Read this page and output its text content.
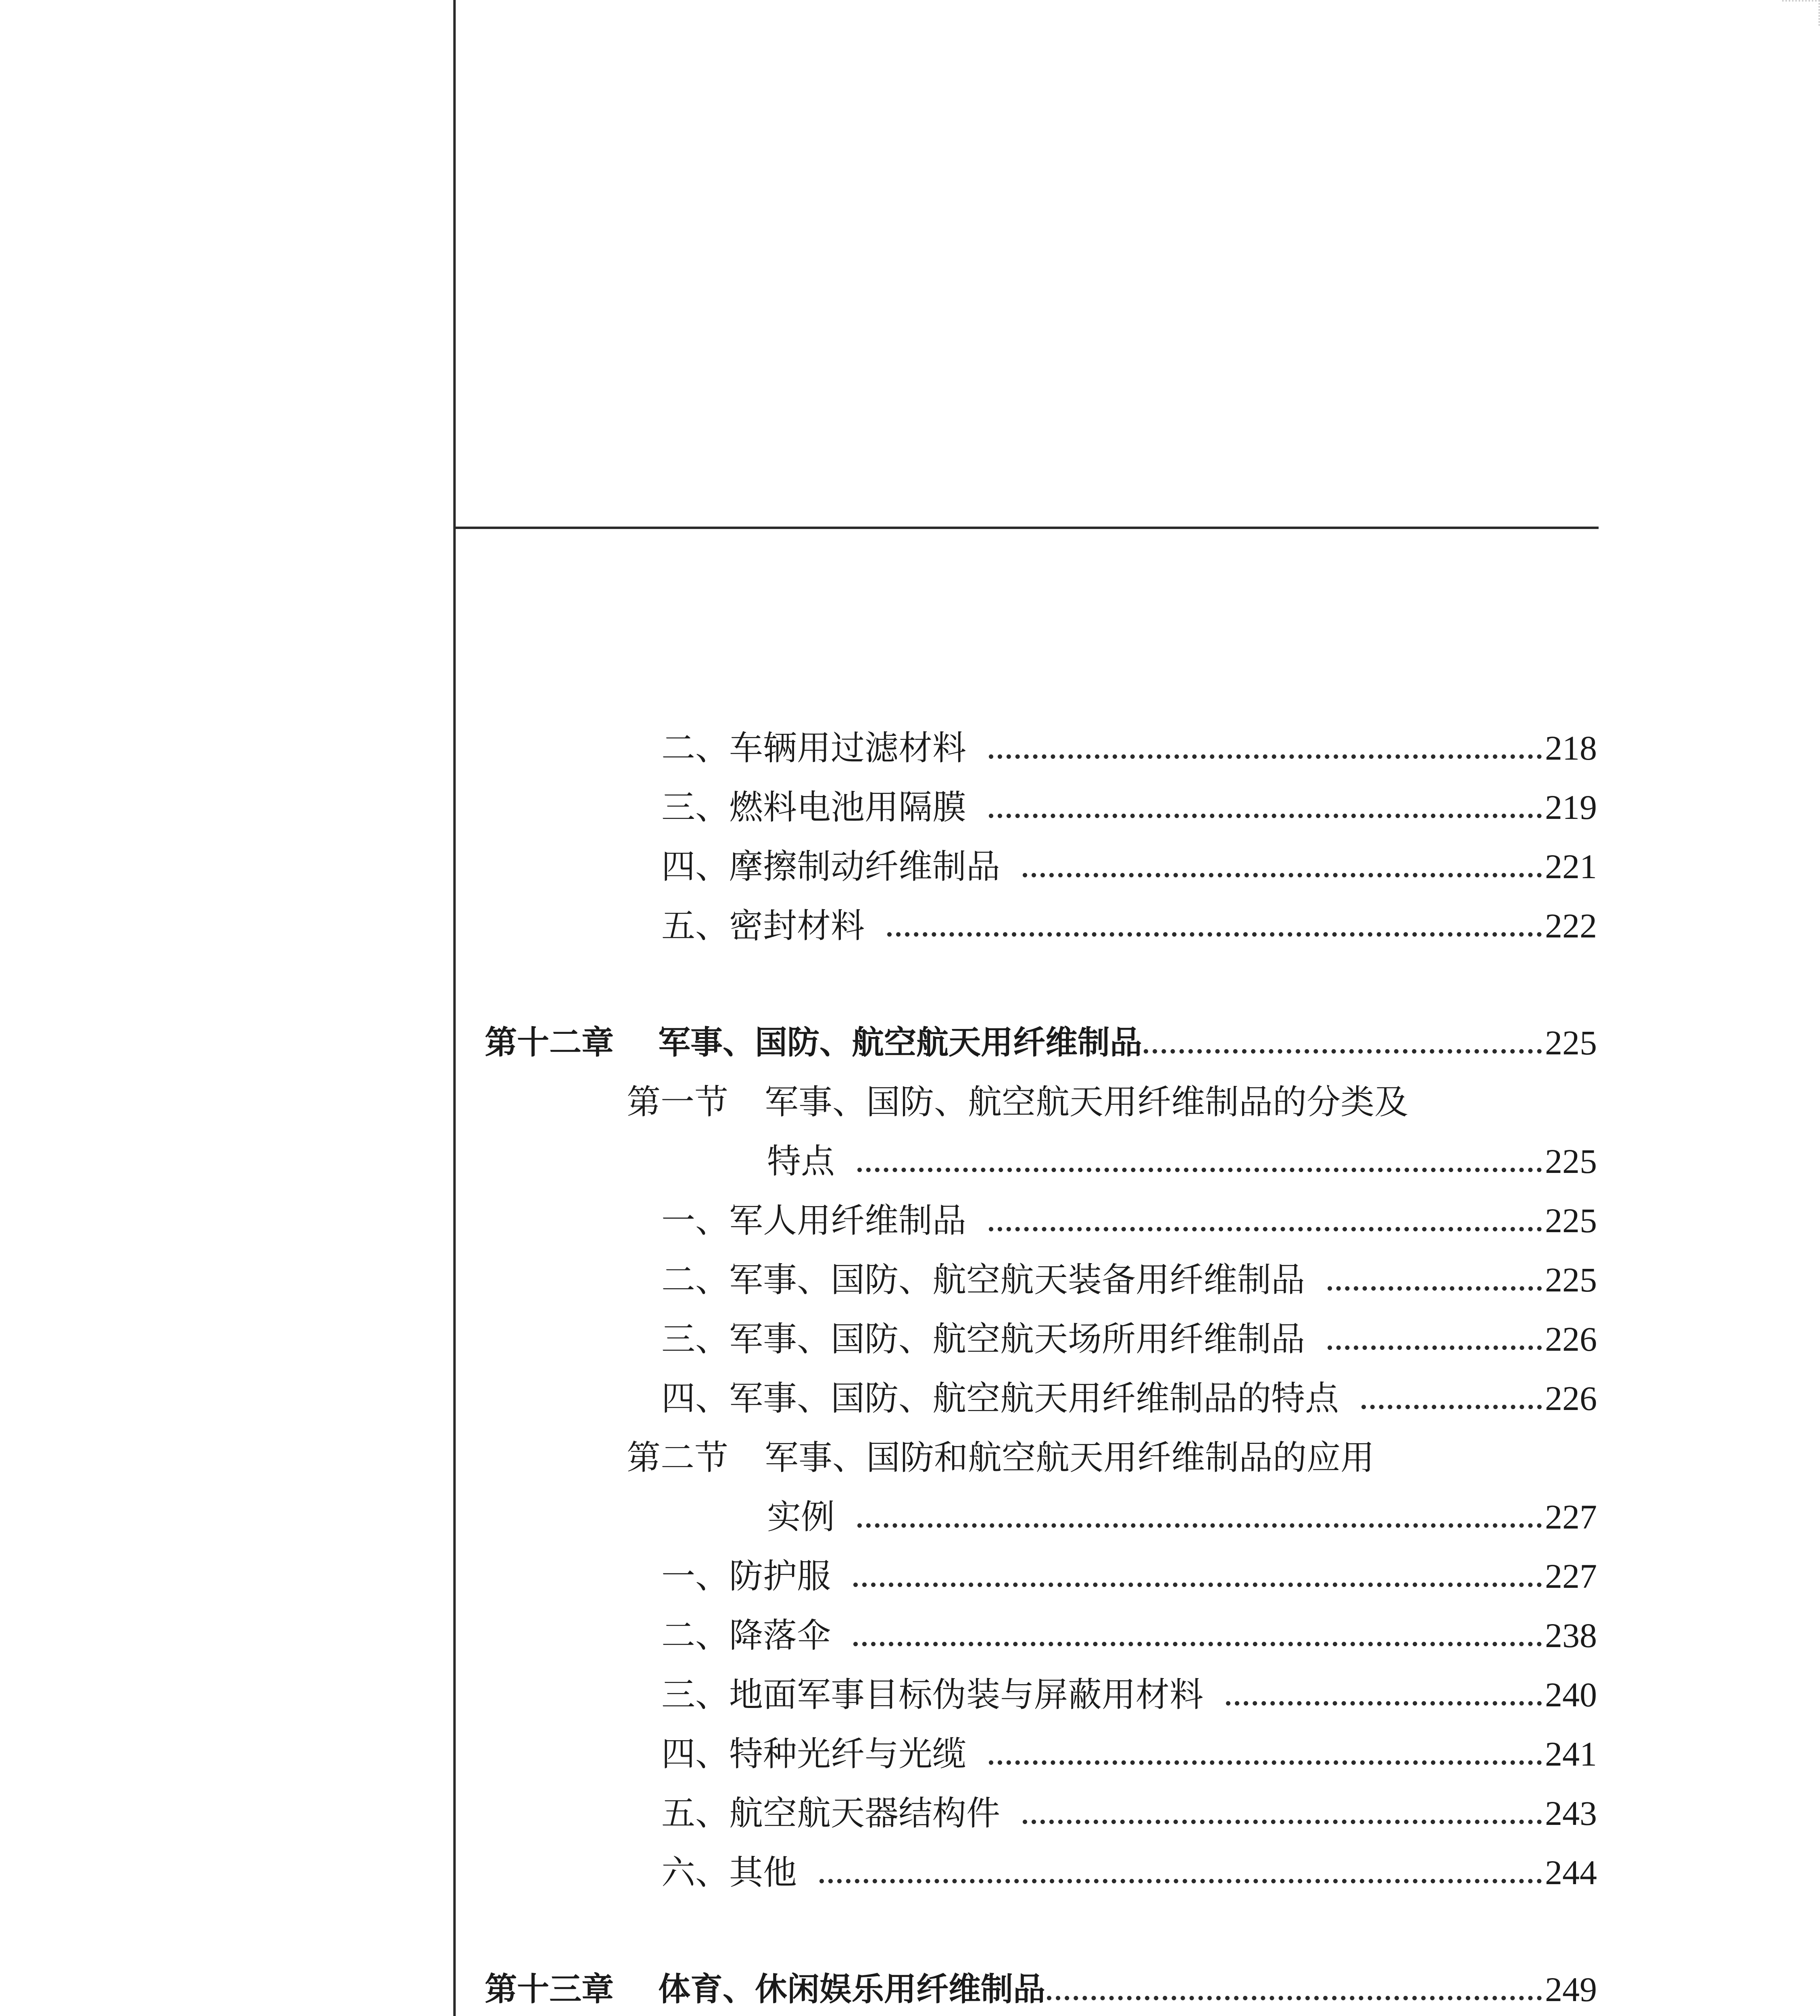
二、车辆用过滤材料	218
三、燃料电池用隔膜	219
四、摩擦制动纤维制品	221
五、密封材料	222
第十二章 军事、国防、航空航天用纤维制品	225
第一节 军事、国防、航空航天用纤维制品的分类及
特点	225
一、军人用纤维制品	225
二、军事、国防、航空航天装备用纤维制品	225
三、军事、国防、航空航天场所用纤维制品	226
四、军事、国防、航空航天用纤维制品的特点	226
第二节 军事、国防和航空航天用纤维制品的应用
实例	227
一、防护服	227
二、降落伞	238
三、地面军事目标伪装与屏蔽用材料	240
四、特种光纤与光缆	241
五、航空航天器结构件	243
六、其他	244
第十三章 体育、休闲娱乐用纤维制品	249
